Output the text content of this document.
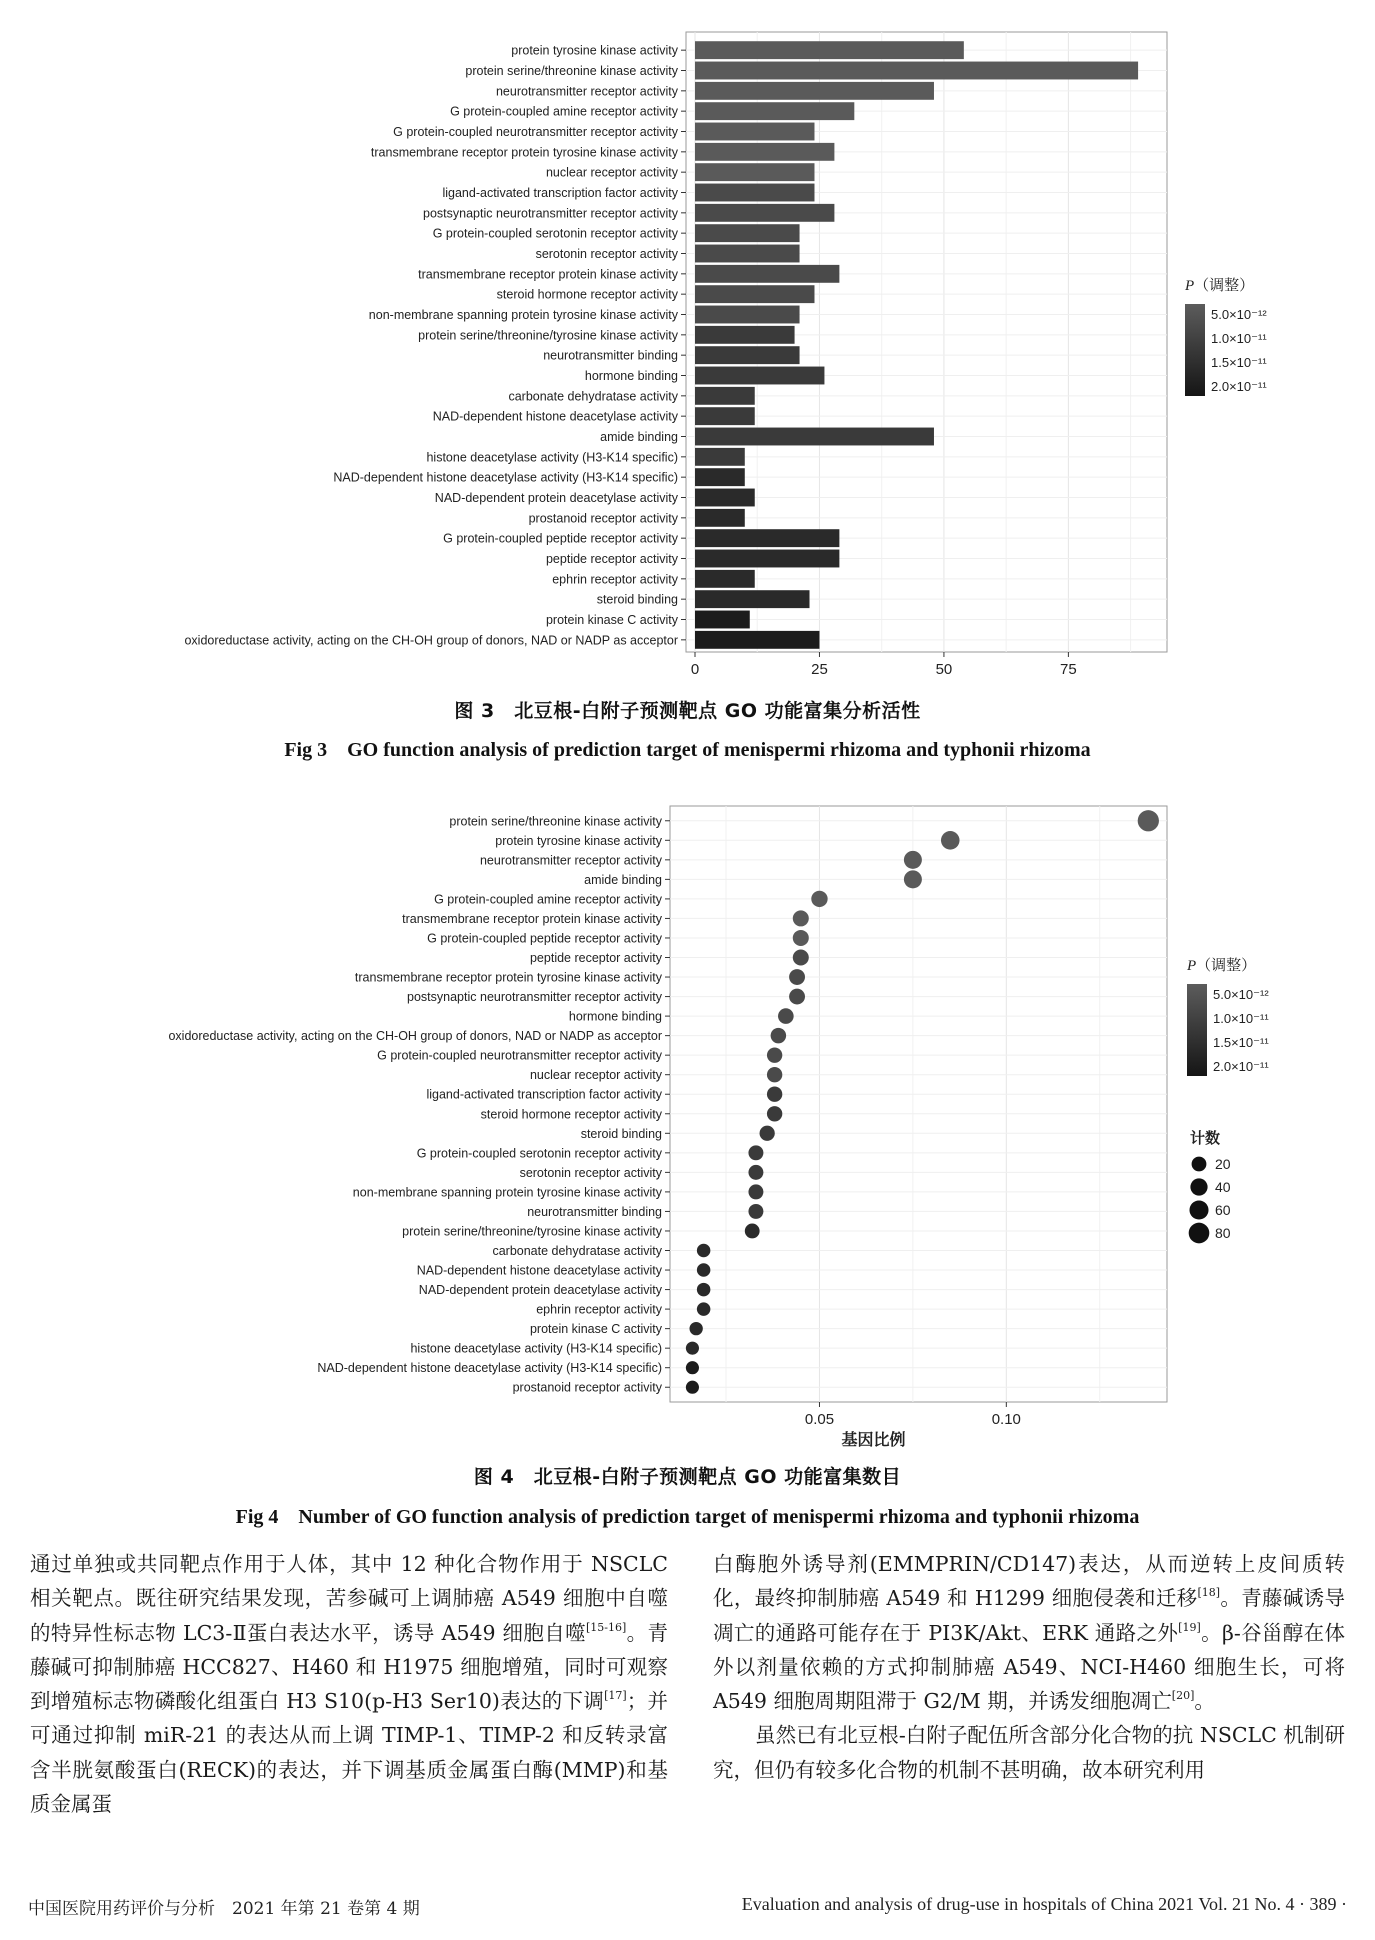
protein tyrosine kinase activity
protein serine/threonine kinase activity
neurotransmitter receptor activity
G protein-coupled amine receptor activity
G protein-coupled neurotransmitter receptor activity
transmembrane receptor protein tyrosine kinase activity
nuclear receptor activity
ligand-activated transcription factor activity
postsynaptic neurotransmitter receptor activity
G protein-coupled serotonin receptor activity
serotonin receptor activity
transmembrane receptor protein kinase activity
steroid hormone receptor activity
non-membrane spanning protein tyrosine kinase activity
protein serine/threonine/tyrosine kinase activity
neurotransmitter binding
hormone binding
carbonate dehydratase activity
NAD-dependent histone deacetylase activity
amide binding
histone deacetylase activity (H3-K14 specific)
NAD-dependent histone deacetylase activity (H3-K14 specific)
NAD-dependent protein deacetylase activity
prostanoid receptor activity
G protein-coupled peptide receptor activity
peptide receptor activity
ephrin receptor activity
steroid binding
protein kinase C activity
oxidoreductase activity, acting on the CH-OH group of donors, NAD or NADP as acceptor
0	25	50	75
P（调整）
5.0×10⁻¹²
1.0×10⁻¹¹
1.5×10⁻¹¹
2.0×10⁻¹¹
图 3　北豆根-白附子预测靶点 GO 功能富集分析活性
Fig 3　GO function analysis of prediction target of menispermi rhizoma and typhonii rhizoma
protein serine/threonine kinase activity
protein tyrosine kinase activity
neurotransmitter receptor activity
amide binding
G protein-coupled amine receptor activity
transmembrane receptor protein kinase activity
G protein-coupled peptide receptor activity
peptide receptor activity
transmembrane receptor protein tyrosine kinase activity
postsynaptic neurotransmitter receptor activity
hormone binding
oxidoreductase activity, acting on the CH-OH group of donors, NAD or NADP as acceptor
G protein-coupled neurotransmitter receptor activity
nuclear receptor activity
ligand-activated transcription factor activity
steroid hormone receptor activity
steroid binding
G protein-coupled serotonin receptor activity
serotonin receptor activity
non-membrane spanning protein tyrosine kinase activity
neurotransmitter binding
protein serine/threonine/tyrosine kinase activity
carbonate dehydratase activity
NAD-dependent histone deacetylase activity
NAD-dependent protein deacetylase activity
ephrin receptor activity
protein kinase C activity
histone deacetylase activity (H3-K14 specific)
NAD-dependent histone deacetylase activity (H3-K14 specific)
prostanoid receptor activity
0.05	0.10
基因比例
P（调整）
5.0×10⁻¹²
1.0×10⁻¹¹
1.5×10⁻¹¹
2.0×10⁻¹¹
计数
20
40
60
80
图 4　北豆根-白附子预测靶点 GO 功能富集数目
Fig 4　Number of GO function analysis of prediction target of menispermi rhizoma and typhonii rhizoma

通过单独或共同靶点作用于人体，其中 12 种化合物作用于 NSCLC 相关靶点。既往研究结果发现，苦参碱可上调肺癌 A549 细胞中自噬的特异性标志物 LC3-Ⅱ蛋白表达水平，诱导 A549 细胞自噬[15-16]。青藤碱可抑制肺癌 HCC827、H460 和 H1975 细胞增殖，同时可观察到增殖标志物磷酸化组蛋白 H3 S10(p-H3 Ser10)表达的下调[17]；并可通过抑制 miR-21 的表达从而上调 TIMP-1、TIMP-2 和反转录富含半胱氨酸蛋白(RECK)的表达，并下调基质金属蛋白酶(MMP)和基质金属蛋

白酶胞外诱导剂(EMMPRIN/CD147)表达，从而逆转上皮间质转化，最终抑制肺癌 A549 和 H1299 细胞侵袭和迁移[18]。青藤碱诱导凋亡的通路可能存在于 PI3K/Akt、ERK 通路之外[19]。β-谷甾醇在体外以剂量依赖的方式抑制肺癌 A549、NCI-H460 细胞生长，可将 A549 细胞周期阻滞于 G2/M 期，并诱发细胞凋亡[20]。
虽然已有北豆根-白附子配伍所含部分化合物的抗 NSCLC 机制研究，但仍有较多化合物的机制不甚明确，故本研究利用

中国医院用药评价与分析　2021 年第 21 卷第 4 期	Evaluation and analysis of drug-use in hospitals of China 2021 Vol. 21 No. 4 · 389 ·
